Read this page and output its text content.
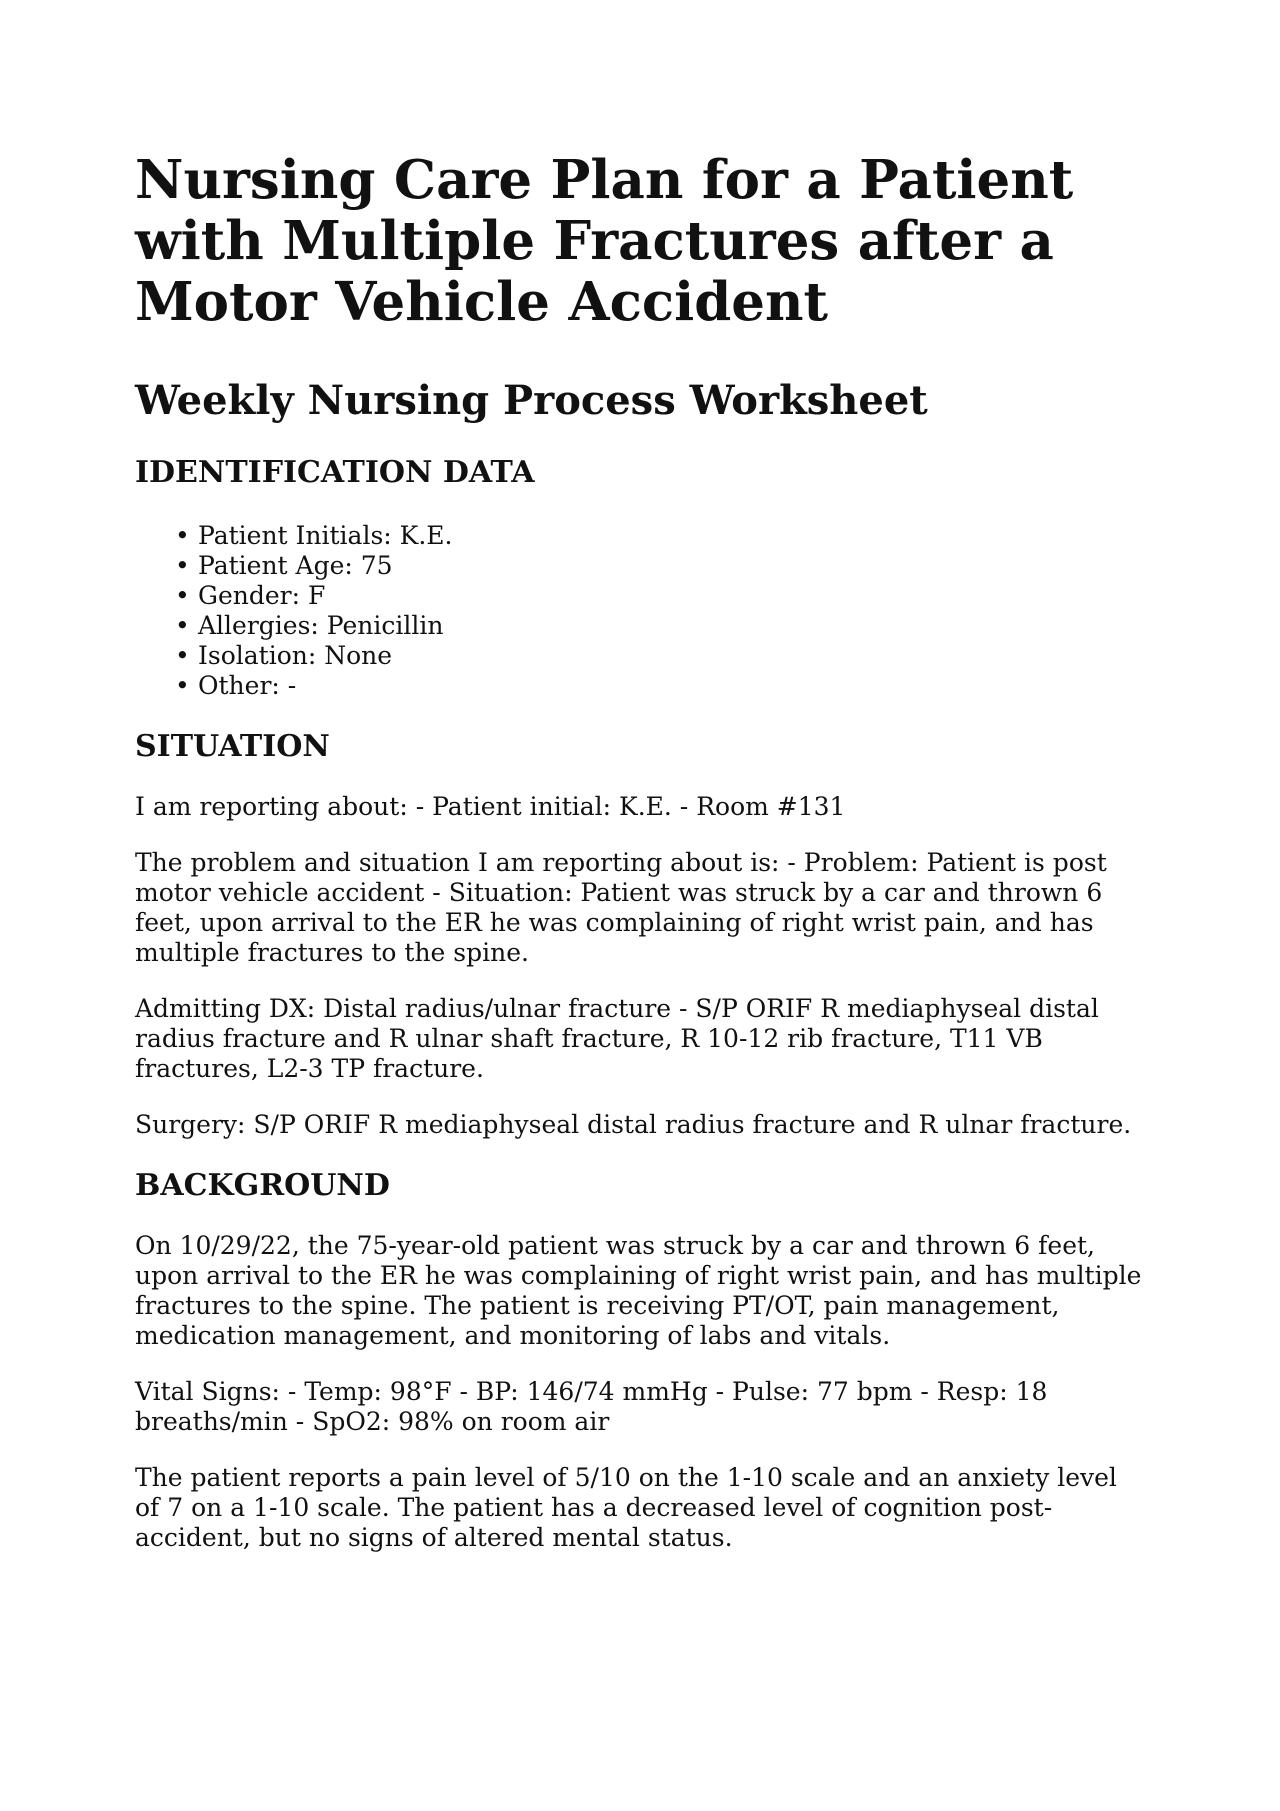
Nursing Care Plan for a Patient with Multiple Fractures after a Motor Vehicle Accident
Weekly Nursing Process Worksheet
IDENTIFICATION DATA
• Patient Initials: K.E.
• Patient Age: 75
• Gender: F
• Allergies: Penicillin
• Isolation: None
• Other: -
SITUATION

I am reporting about: - Patient initial: K.E. - Room #131

The problem and situation I am reporting about is: - Problem: Patient is post motor vehicle accident - Situation: Patient was struck by a car and thrown 6 feet, upon arrival to the ER he was complaining of right wrist pain, and has multiple fractures to the spine.

Admitting DX: Distal radius/ulnar fracture - S/P ORIF R mediaphyseal distal radius fracture and R ulnar shaft fracture, R 10-12 rib fracture, T11 VB fractures, L2-3 TP fracture.

Surgery: S/P ORIF R mediaphyseal distal radius fracture and R ulnar fracture.

BACKGROUND

On 10/29/22, the 75-year-old patient was struck by a car and thrown 6 feet, upon arrival to the ER he was complaining of right wrist pain, and has multiple fractures to the spine. The patient is receiving PT/OT, pain management, medication management, and monitoring of labs and vitals.

Vital Signs: - Temp: 98°F - BP: 146/74 mmHg - Pulse: 77 bpm - Resp: 18 breaths/min - SpO2: 98% on room air

The patient reports a pain level of 5/10 on the 1-10 scale and an anxiety level of 7 on a 1-10 scale. The patient has a decreased level of cognition post-accident, but no signs of altered mental status.
